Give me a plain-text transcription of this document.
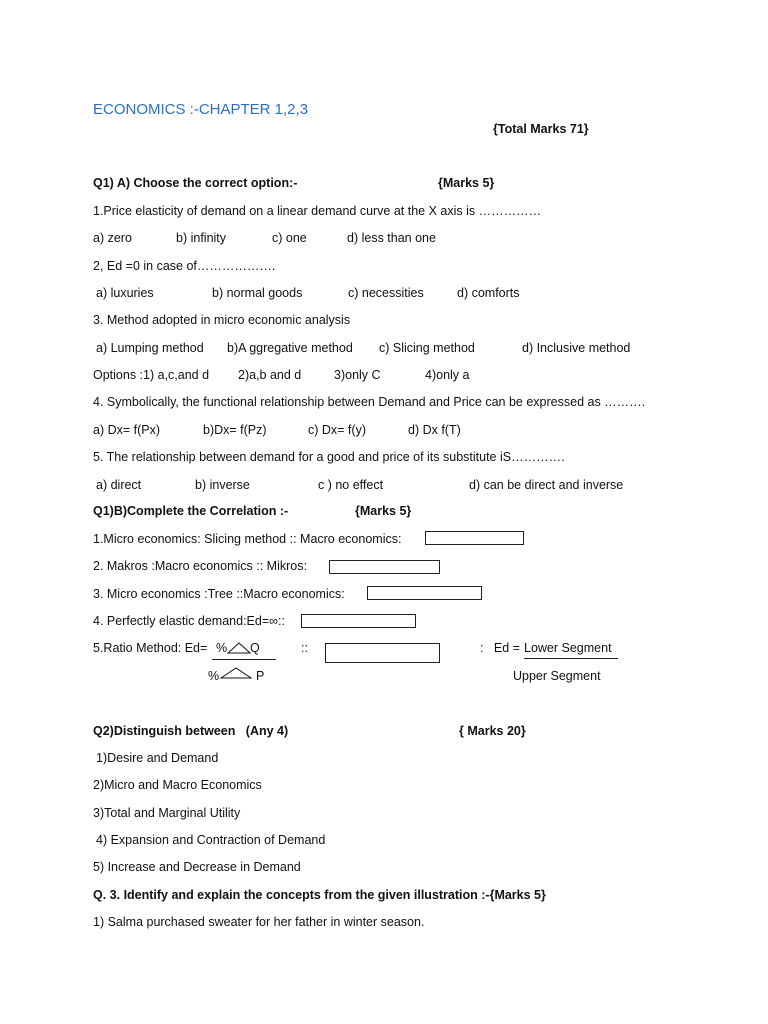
ECONOMICS :-CHAPTER 1,2,3
{Total Marks 71}
Q1) A) Choose the correct option:-	{Marks 5}
1.Price elasticity of demand on a linear demand curve at the X axis is ……………
a) zero	b) infinity	c) one	d) less than one
2, Ed =0 in case of……………….
a) luxuries	b) normal goods	c) necessities	d) comforts
3. Method adopted in micro economic analysis
a) Lumping method b)A ggregative method c) Slicing method	d) Inclusive method
Options :1) a,c,and d 2)a,b and d	3)only C	4)only a
4. Symbolically, the functional relationship between Demand and Price can be expressed as ……….
a) Dx= f(Px)	b)Dx= f(Pz)	c) Dx= f(y)	d) Dx f(T)
5. The relationship between demand for a good and price of its substitute iS………….
a) direct	b) inverse	c ) no effect	d) can be direct and inverse
Q1)B)Complete the Correlation :-	{Marks 5}
1.Micro economics: Slicing method :: Macro economics:
2. Makros :Macro economics :: Mikros:
3. Micro economics :Tree ::Macro economics:
4. Perfectly elastic demand:Ed=∞::
5.Ratio Method: Ed= % Q
%	P
::	:   Ed = Lower Segment
Upper Segment
Q2)Distinguish between   (Any 4)	{ Marks 20}
1)Desire and Demand
2)Micro and Macro Economics
3)Total and Marginal Utility
4) Expansion and Contraction of Demand
5) Increase and Decrease in Demand
Q. 3. Identify and explain the concepts from the given illustration :-{Marks 5}
1) Salma purchased sweater for her father in winter season.
